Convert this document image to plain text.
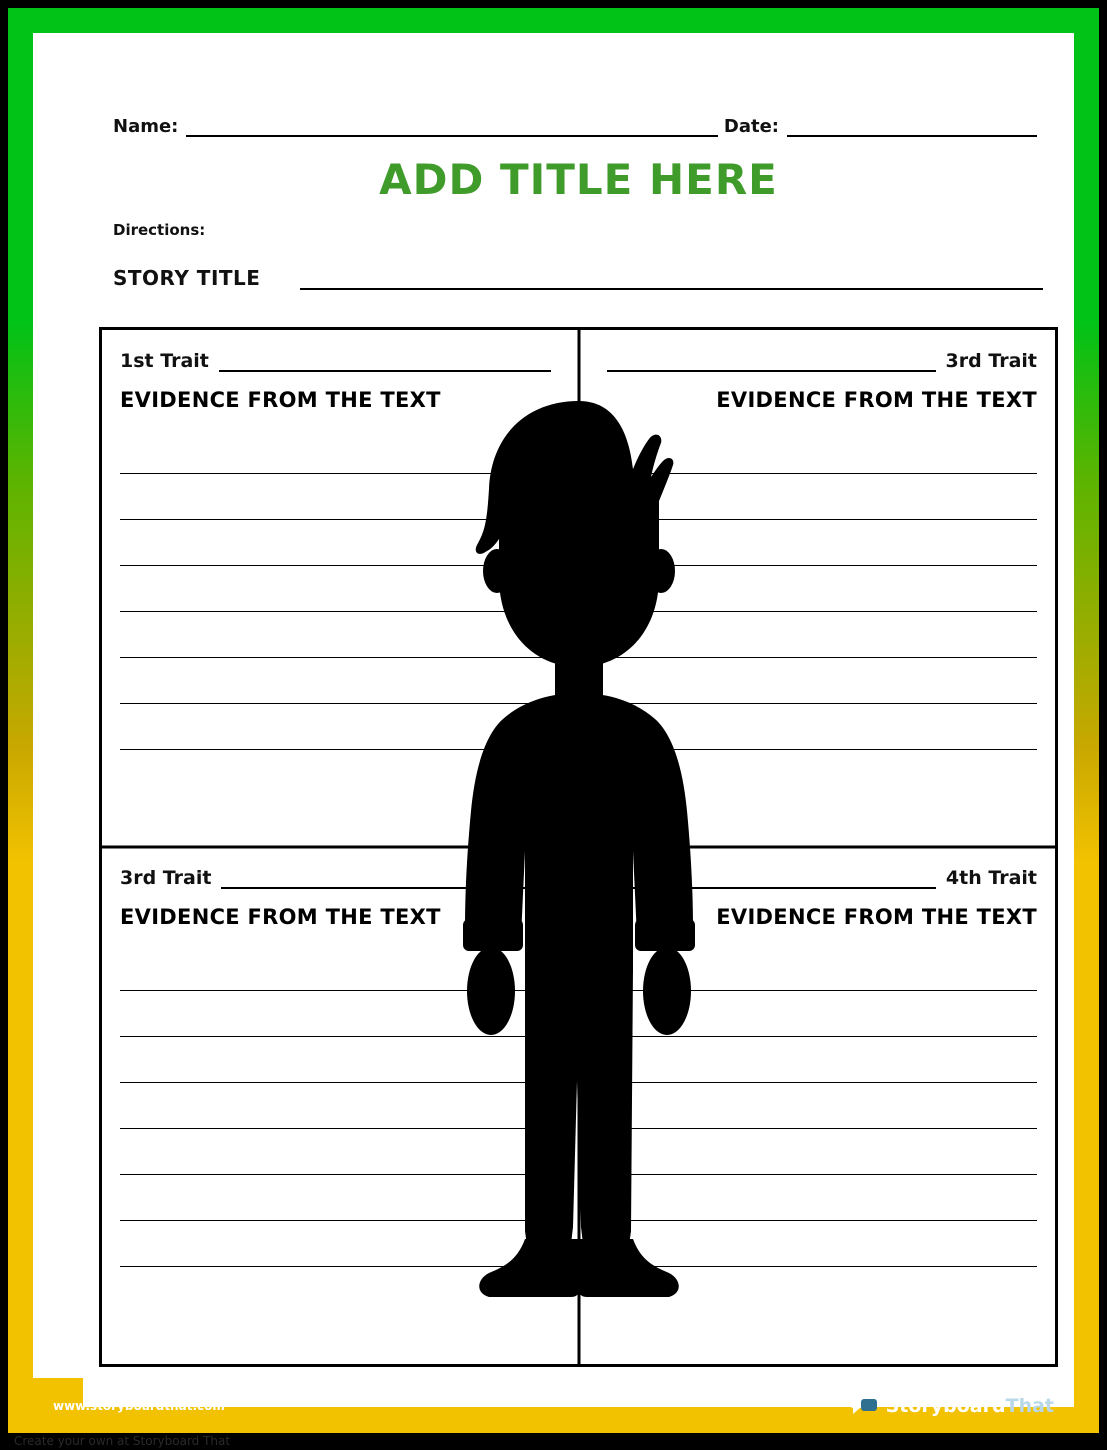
Name:	Date:
ADD TITLE HERE
Directions:
STORY TITLE
1st Trait
EVIDENCE FROM THE TEXT
3rd Trait
EVIDENCE FROM THE TEXT
3rd Trait
EVIDENCE FROM THE TEXT
4th Trait
EVIDENCE FROM THE TEXT
www.storyboardthat.com	StoryboardThat
Create your own at Storyboard That
